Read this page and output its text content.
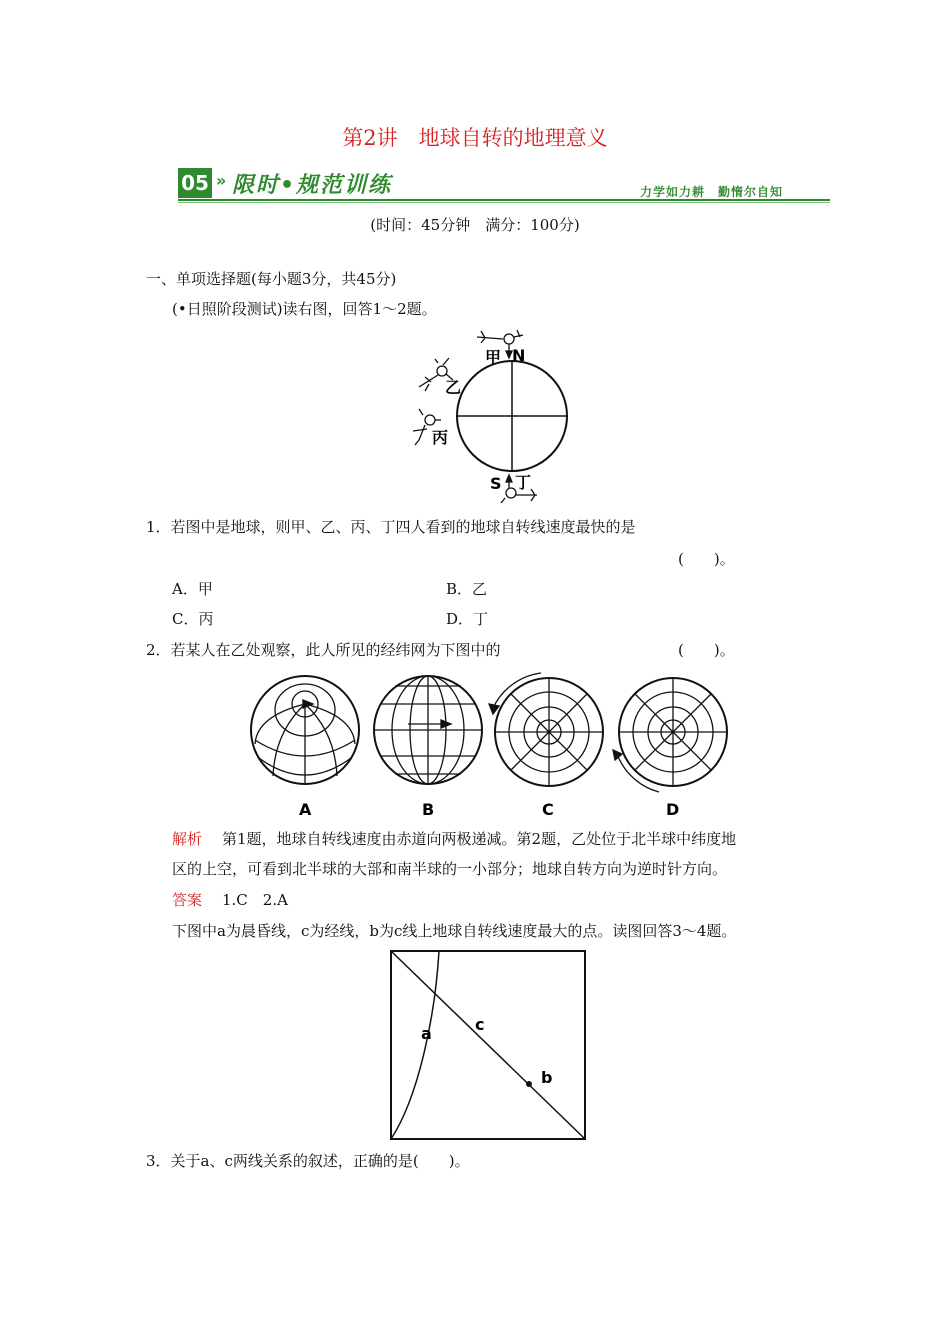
第2讲　地球自转的地理意义
05 » 限时•规范训练	力学如力耕　勤惰尔自知
(时间：45分钟　满分：100分)
一、单项选择题(每小题3分，共45分)
(•日照阶段测试)读右图，回答1～2题。
甲 N
乙
丙
S 丁
1．若图中是地球，则甲、乙、丙、丁四人看到的地球自转线速度最快的是
(　　)。
A．甲	B．乙
C．丙	D．丁
2．若某人在乙处观察，此人所见的经纬网为下图中的	(　　)。
A	B	C	D
解析 第1题，地球自转线速度由赤道向两极递减。第2题，乙处位于北半球中纬度地
区的上空，可看到北半球的大部和南半球的一小部分；地球自转方向为逆时针方向。
答案 1.C　2.A
下图中a为晨昏线，c为经线，b为c线上地球自转线速度最大的点。读图回答3～4题。
a	c
b
3．关于a、c两线关系的叙述，正确的是(　　)。
